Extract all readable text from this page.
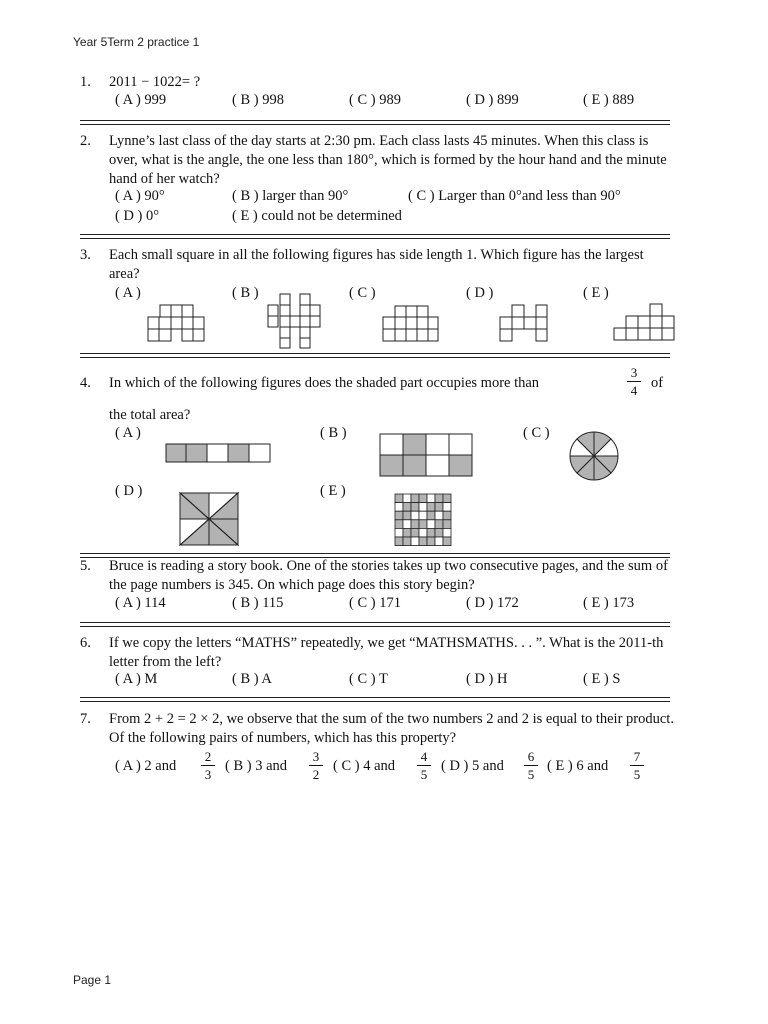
Year 5Term 2 practice 1
1. 2011 − 1022= ?
( A ) 999	( B ) 998	( C ) 989	( D ) 899	( E ) 889
2. Lynne’s last class of the day starts at 2:30 pm. Each class lasts 45 minutes. When this class is over, what is the angle, the one less than 180°, which is formed by the hour hand and the minute hand of her watch?
( A ) 90°	( B ) larger than 90°	( C ) Larger than 0°and less than 90°
( D ) 0°	( E ) could not be determined
3. Each small square in all the following figures has side length 1. Which figure has the largest area?
( A )	( B )	( C )	( D )	( E )
4. In which of the following figures does the shaded part occupies more than	of
the total area?
3
4
( A )	( B )	( C )
( D )	( E )
5. Bruce is reading a story book. One of the stories takes up two consecutive pages, and the sum of the page numbers is 345. On which page does this story begin?
( A ) 114	( B ) 115	( C ) 171	( D ) 172	( E ) 173
6. If we copy the letters “MATHS” repeatedly, we get “MATHSMATHS. . . ”. What is the 2011-th letter from the left?
( A ) M	( B ) A	( C ) T	( D ) H	( E ) S
7. From 2 + 2 = 2 × 2, we observe that the sum of the two numbers 2 and 2 is equal to their product. Of the following pairs of numbers, which has this property?
( A ) 2 and
2
3
( B ) 3 and
3
2
( C ) 4 and
4
5
( D ) 5 and
6
5
( E ) 6 and
7
5
Page 1
